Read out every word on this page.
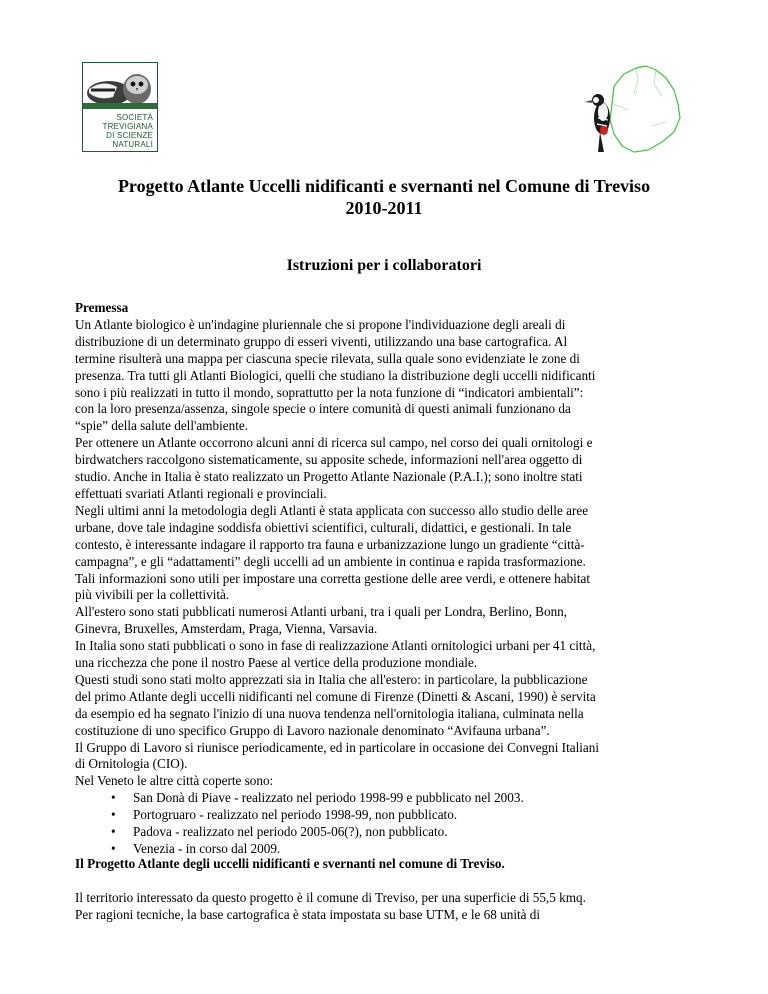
SOCIETÀ
TREVIGIANA
DI SCIENZE
NATURALI
Progetto Atlante Uccelli nidificanti e svernanti nel Comune di Treviso
2010-2011
Istruzioni per i collaboratori

Premessa

Un Atlante biologico è un'indagine pluriennale che si propone l'individuazione degli areali di

distribuzione di un determinato gruppo di esseri viventi, utilizzando una base cartografica. Al

termine risulterà una mappa per ciascuna specie rilevata, sulla quale sono evidenziate le zone di

presenza. Tra tutti gli Atlanti Biologici, quelli che studiano la distribuzione degli uccelli nidificanti

sono i più realizzati in tutto il mondo, soprattutto per la nota funzione di “indicatori ambientali”:

con la loro presenza/assenza, singole specie o intere comunità di questi animali funzionano da

“spie” della salute dell'ambiente.

Per ottenere un Atlante occorrono alcuni anni di ricerca sul campo, nel corso dei quali ornitologi e

birdwatchers raccolgono sistematicamente, su apposite schede, informazioni nell'area oggetto di

studio. Anche in Italia è stato realizzato un Progetto Atlante Nazionale (P.A.I.); sono inoltre stati

effettuati svariati Atlanti regionali e provinciali.

Negli ultimi anni la metodologia degli Atlanti è stata applicata con successo allo studio delle aree

urbane, dove tale indagine soddisfa obiettivi scientifici, culturali, didattici, e gestionali. In tale

contesto, è interessante indagare il rapporto tra fauna e urbanizzazione lungo un gradiente “città-

campagna”, e gli “adattamenti” degli uccelli ad un ambiente in continua e rapida trasformazione.

Tali informazioni sono utili per impostare una corretta gestione delle aree verdi, e ottenere habitat

più vivibili per la collettività.

All'estero sono stati pubblicati numerosi Atlanti urbani, tra i quali per Londra, Berlino, Bonn,

Ginevra, Bruxelles, Amsterdam, Praga, Vienna, Varsavia.

In Italia sono stati pubblicati o sono in fase di realizzazione Atlanti ornitologici urbani per 41 città,

una ricchezza che pone il nostro Paese al vertice della produzione mondiale.

Questi studi sono stati molto apprezzati sia in Italia che all'estero: in particolare, la pubblicazione

del primo Atlante degli uccelli nidificanti nel comune di Firenze (Dinetti & Ascani, 1990) è servita

da esempio ed ha segnato l'inizio di una nuova tendenza nell'ornitologia italiana, culminata nella

costituzione di uno specifico Gruppo di Lavoro nazionale denominato “Avifauna urbana”.

Il Gruppo di Lavoro si riunisce periodicamente, ed in particolare in occasione dei Convegni Italiani

di Ornitologia (CIO).

Nel Veneto le altre città coperte sono:

• San Donà di Piave - realizzato nel periodo 1998-99 e pubblicato nel 2003.
• Portogruaro - realizzato nel periodo 1998-99, non pubblicato.
• Padova - realizzato nel periodo 2005-06(?), non pubblicato.
• Venezia - in corso dal 2009.
Il Progetto Atlante degli uccelli nidificanti e svernanti nel comune di Treviso.

Il territorio interessato da questo progetto è il comune di Treviso, per una superficie di 55,5 kmq.

Per ragioni tecniche, la base cartografica è stata impostata su base UTM, e le 68 unità di
